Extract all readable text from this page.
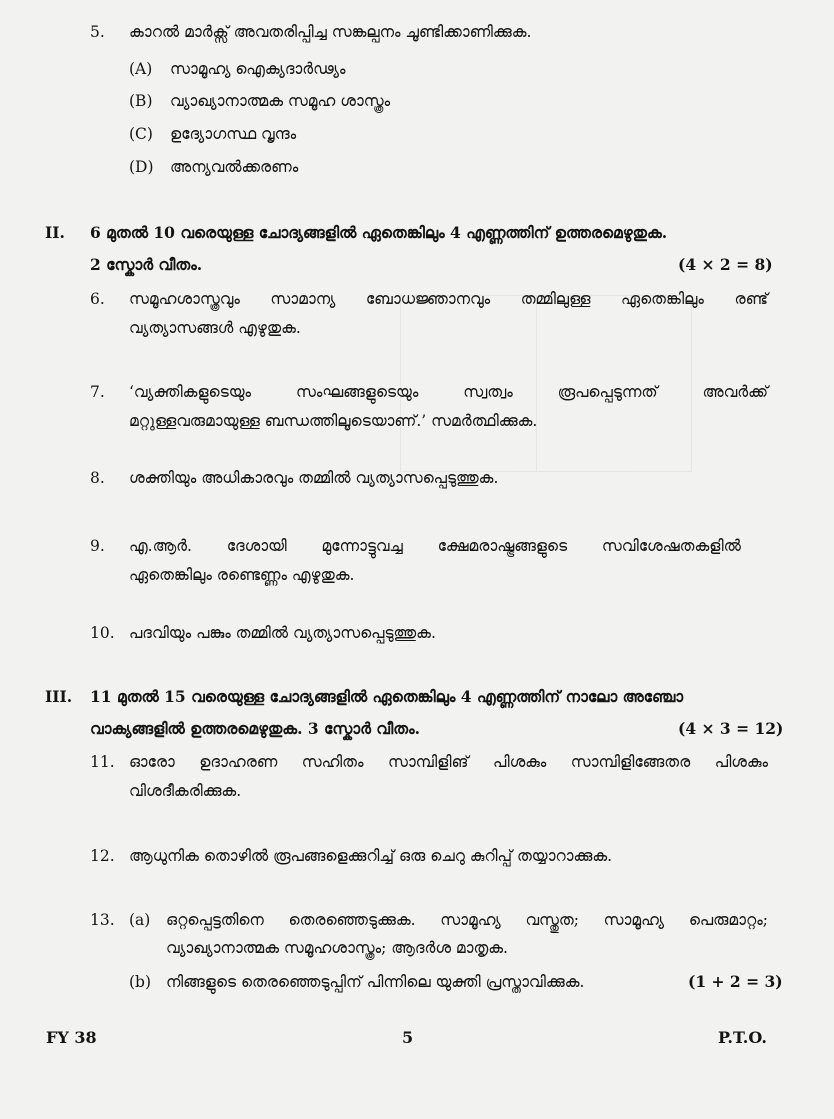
5. കാറൽ മാർക്സ് അവതരിപ്പിച്ച സങ്കല്പനം ചൂണ്ടിക്കാണിക്കുക.
(A) സാമൂഹ്യ ഐക്യദാർഢ്യം
(B) വ്യാഖ്യാനാത്മക സമൂഹ ശാസ്ത്രം
(C) ഉദ്യോഗസ്ഥ വൃന്ദം
(D) അന്യവൽക്കരണം
II. 6 മുതൽ 10 വരെയുള്ള ചോദ്യങ്ങളിൽ ഏതെങ്കിലും 4 എണ്ണത്തിന് ഉത്തരമെഴുതുക.
2 സ്കോർ വീതം.	(4 × 2 = 8)
6. സമൂഹശാസ്ത്രവും സാമാന്യ ബോധജ്ഞാനവും തമ്മിലുള്ള ഏതെങ്കിലും രണ്ട്
വ്യത്യാസങ്ങൾ എഴുതുക.
7. ‘വ്യക്തികളുടെയും	സംഘങ്ങളുടെയും	സ്വത്വം	രൂപപ്പെടുന്നത്	അവർക്ക്
മറ്റുള്ളവരുമായുള്ള ബന്ധത്തിലൂടെയാണ്.’ സമർത്ഥിക്കുക.
8. ശക്തിയും അധികാരവും തമ്മിൽ വ്യത്യാസപ്പെടുത്തുക.
9. എ.ആർ. ദേശായി മുന്നോട്ടുവച്ച ക്ഷേമരാഷ്ട്രങ്ങളുടെ സവിശേഷതകളിൽ
ഏതെങ്കിലും രണ്ടെണ്ണം എഴുതുക.
10. പദവിയും പങ്കും തമ്മിൽ വ്യത്യാസപ്പെടുത്തുക.
III. 11 മുതൽ 15 വരെയുള്ള ചോദ്യങ്ങളിൽ ഏതെങ്കിലും 4 എണ്ണത്തിന് നാലോ അഞ്ചോ
വാക്യങ്ങളിൽ ഉത്തരമെഴുതുക. 3 സ്കോർ വീതം.	(4 × 3 = 12)
11. ഓരോ ഉദാഹരണ സഹിതം സാമ്പിളിങ് പിശകും സാമ്പിളിങ്ങേതര പിശകും
വിശദീകരിക്കുക.
12. ആധുനിക തൊഴിൽ രൂപങ്ങളെക്കുറിച്ച് ഒരു ചെറു കുറിപ്പ് തയ്യാറാക്കുക.
13. (a) ഒറ്റപ്പെട്ടതിനെ തെരഞ്ഞെടുക്കുക. സാമൂഹ്യ വസ്തുത; സാമൂഹ്യ പെരുമാറ്റം;
വ്യാഖ്യാനാത്മക സമൂഹശാസ്ത്രം; ആദർശ മാതൃക.
(b) നിങ്ങളുടെ തെരഞ്ഞെടുപ്പിന് പിന്നിലെ യുക്തി പ്രസ്താവിക്കുക.	(1 + 2 = 3)
FY 38	5	P.T.O.
